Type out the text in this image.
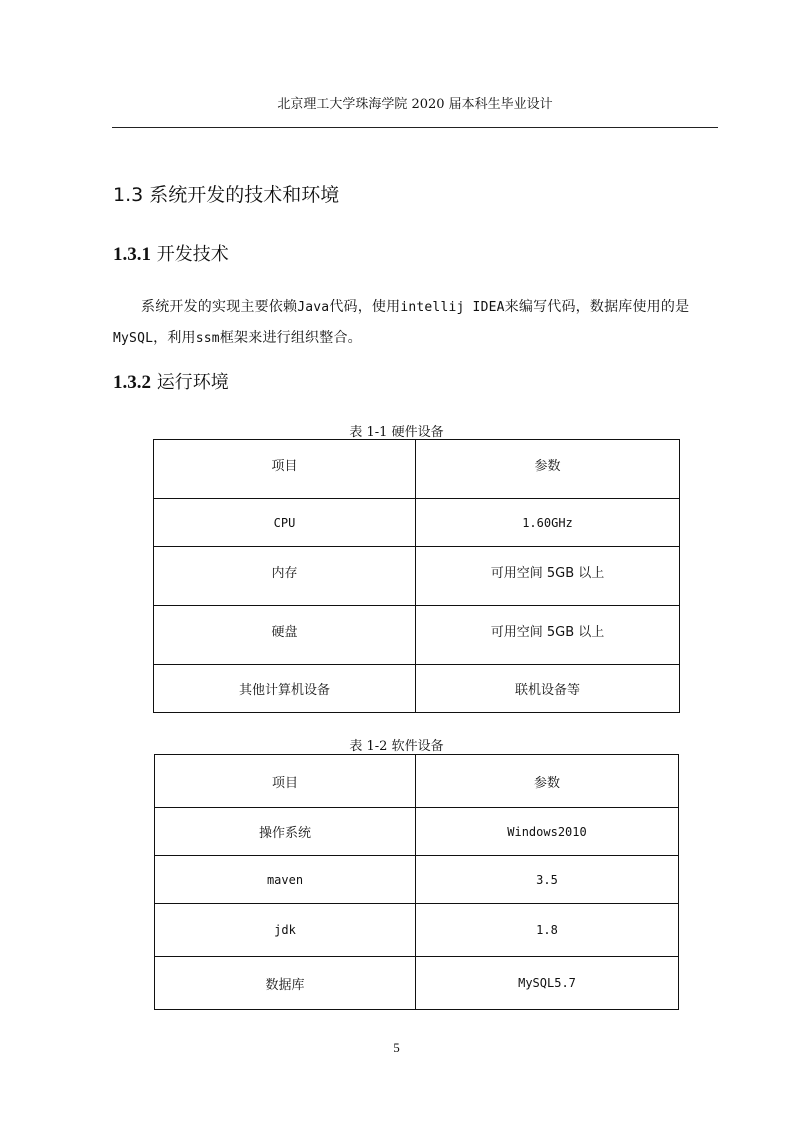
北京理工大学珠海学院 2020 届本科生毕业设计
1.3 系统开发的技术和环境
1.3.1 开发技术
系统开发的实现主要依赖Java代码，使用intellij IDEA来编写代码，数据库使用的是MySQL，利用ssm框架来进行组织整合。
1.3.2 运行环境
表 1-1 硬件设备
项目	参数
CPU	1.60GHz
内存	可用空间 5GB 以上
硬盘	可用空间 5GB 以上
其他计算机设备	联机设备等
表 1-2 软件设备
项目	参数
操作系统	Windows2010
maven	3.5
jdk	1.8
数据库	MySQL5.7
5
